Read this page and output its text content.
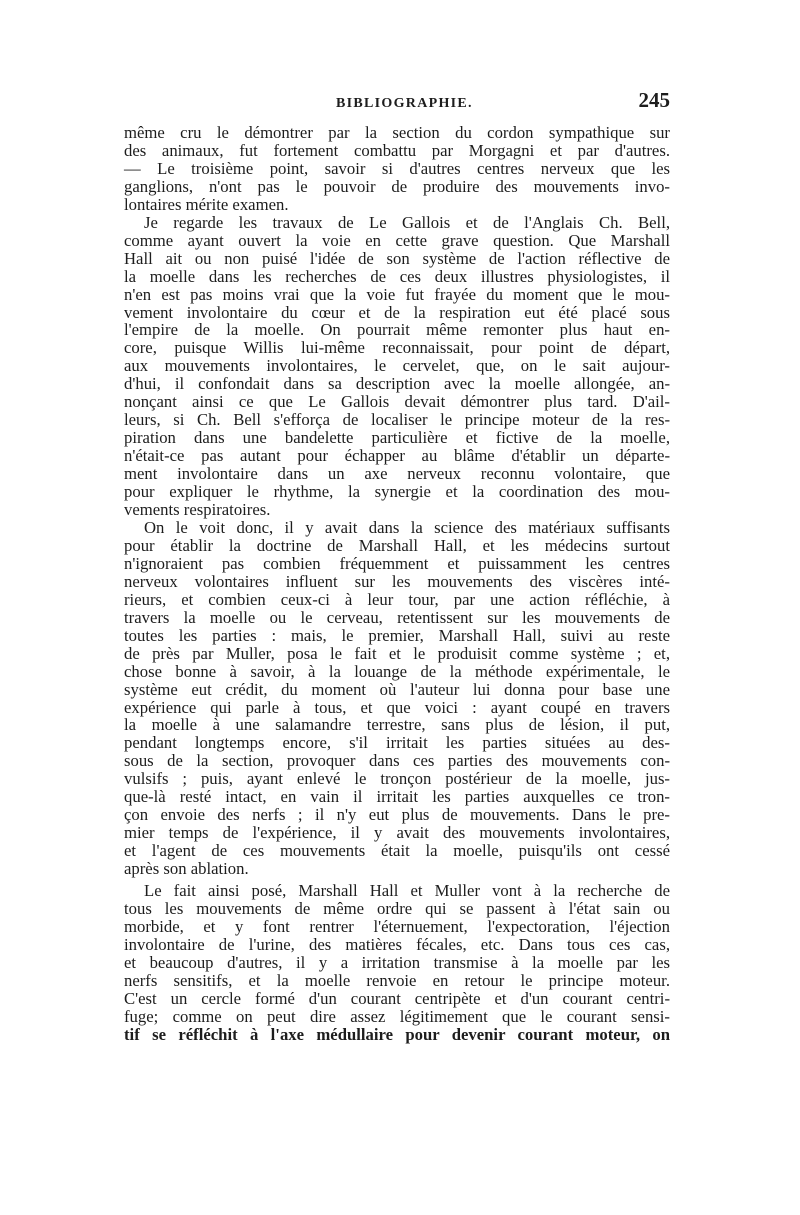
BIBLIOGRAPHIE.	245
même cru le démontrer par la section du cordon sympathique sur
des animaux, fut fortement combattu par Morgagni et par d'autres.
— Le troisième point, savoir si d'autres centres nerveux que les
ganglions, n'ont pas le pouvoir de produire des mouvements invo-
lontaires mérite examen.
Je regarde les travaux de Le Gallois et de l'Anglais Ch. Bell,
comme ayant ouvert la voie en cette grave question. Que Marshall
Hall ait ou non puisé l'idée de son système de l'action réflective de
la moelle dans les recherches de ces deux illustres physiologistes, il
n'en est pas moins vrai que la voie fut frayée du moment que le mou-
vement involontaire du cœur et de la respiration eut été placé sous
l'empire de la moelle. On pourrait même remonter plus haut en-
core, puisque Willis lui-même reconnaissait, pour point de départ,
aux mouvements involontaires, le cervelet, que, on le sait aujour-
d'hui, il confondait dans sa description avec la moelle allongée, an-
nonçant ainsi ce que Le Gallois devait démontrer plus tard. D'ail-
leurs, si Ch. Bell s'efforça de localiser le principe moteur de la res-
piration dans une bandelette particulière et fictive de la moelle,
n'était-ce pas autant pour échapper au blâme d'établir un départe-
ment involontaire dans un axe nerveux reconnu volontaire, que
pour expliquer le rhythme, la synergie et la coordination des mou-
vements respiratoires.
On le voit donc, il y avait dans la science des matériaux suffisants
pour établir la doctrine de Marshall Hall, et les médecins surtout
n'ignoraient pas combien fréquemment et puissamment les centres
nerveux volontaires influent sur les mouvements des viscères inté-
rieurs, et combien ceux-ci à leur tour, par une action réfléchie, à
travers la moelle ou le cerveau, retentissent sur les mouvements de
toutes les parties : mais, le premier, Marshall Hall, suivi au reste
de près par Muller, posa le fait et le produisit comme système ; et,
chose bonne à savoir, à la louange de la méthode expérimentale, le
système eut crédit, du moment où l'auteur lui donna pour base une
expérience qui parle à tous, et que voici : ayant coupé en travers
la moelle à une salamandre terrestre, sans plus de lésion, il put,
pendant longtemps encore, s'il irritait les parties situées au des-
sous de la section, provoquer dans ces parties des mouvements con-
vulsifs ; puis, ayant enlevé le tronçon postérieur de la moelle, jus-
que-là resté intact, en vain il irritait les parties auxquelles ce tron-
çon envoie des nerfs ; il n'y eut plus de mouvements. Dans le pre-
mier temps de l'expérience, il y avait des mouvements involontaires,
et l'agent de ces mouvements était la moelle, puisqu'ils ont cessé
après son ablation.
Le fait ainsi posé, Marshall Hall et Muller vont à la recherche de
tous les mouvements de même ordre qui se passent à l'état sain ou
morbide, et y font rentrer l'éternuement, l'expectoration, l'éjection
involontaire de l'urine, des matières fécales, etc. Dans tous ces cas,
et beaucoup d'autres, il y a irritation transmise à la moelle par les
nerfs sensitifs, et la moelle renvoie en retour le principe moteur.
C'est un cercle formé d'un courant centripète et d'un courant centri-
fuge; comme on peut dire assez légitimement que le courant sensi-
tif se réfléchit à l'axe médullaire pour devenir courant moteur, on
